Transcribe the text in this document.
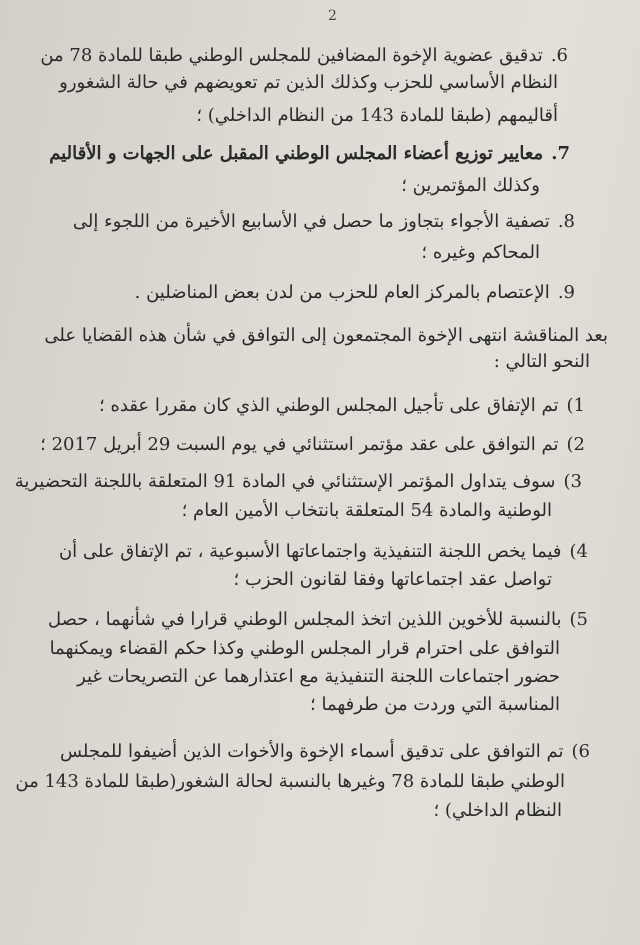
2
6.تدقيق عضوية الإخوة المضافين للمجلس الوطني طبقا للمادة 78 من
النظام الأساسي للحزب وكذلك الذين تم تعويضهم في حالة الشغورو
أقاليمهم (طبقا للمادة 143 من النظام الداخلي) ؛
7.معايير توزيع أعضاء المجلس الوطني المقبل على الجهات و الأقاليم
وكذلك المؤتمرين ؛
8.تصفية الأجواء بتجاوز ما حصل في الأسابيع الأخيرة من اللجوء إلى
المحاكم وغيره ؛
9.الإعتصام بالمركز العام للحزب من لدن بعض المناضلين .
بعد المناقشة انتهى الإخوة المجتمعون إلى التوافق في شأن هذه القضايا على
النحو التالي :
1)تم الإتفاق على تأجيل المجلس الوطني الذي كان مقررا عقده ؛
2)تم التوافق على عقد مؤتمر استثنائي في يوم السبت 29 أبريل 2017 ؛
3)سوف يتداول المؤتمر الإستثنائي في المادة 91 المتعلقة باللجنة التحضيرية
الوطنية والمادة 54 المتعلقة بانتخاب الأمين العام ؛
4)فيما يخص اللجنة التنفيذية واجتماعاتها الأسبوعية ، تم الإتفاق على أن
تواصل عقد اجتماعاتها وفقا لقانون الحزب ؛
5)بالنسبة للأخوين اللذين اتخذ المجلس الوطني قرارا في شأنهما ، حصل
التوافق على احترام قرار المجلس الوطني وكذا حكم القضاء ويمكنهما
حضور اجتماعات اللجنة التنفيذية مع اعتذارهما عن التصريحات غير
المناسبة التي وردت من طرفهما ؛
6)تم التوافق على تدقيق أسماء الإخوة والأخوات الذين أضيفوا للمجلس
الوطني طبقا للمادة 78 وغيرها بالنسبة لحالة الشغور(طبقا للمادة 143 من
النظام الداخلي) ؛
